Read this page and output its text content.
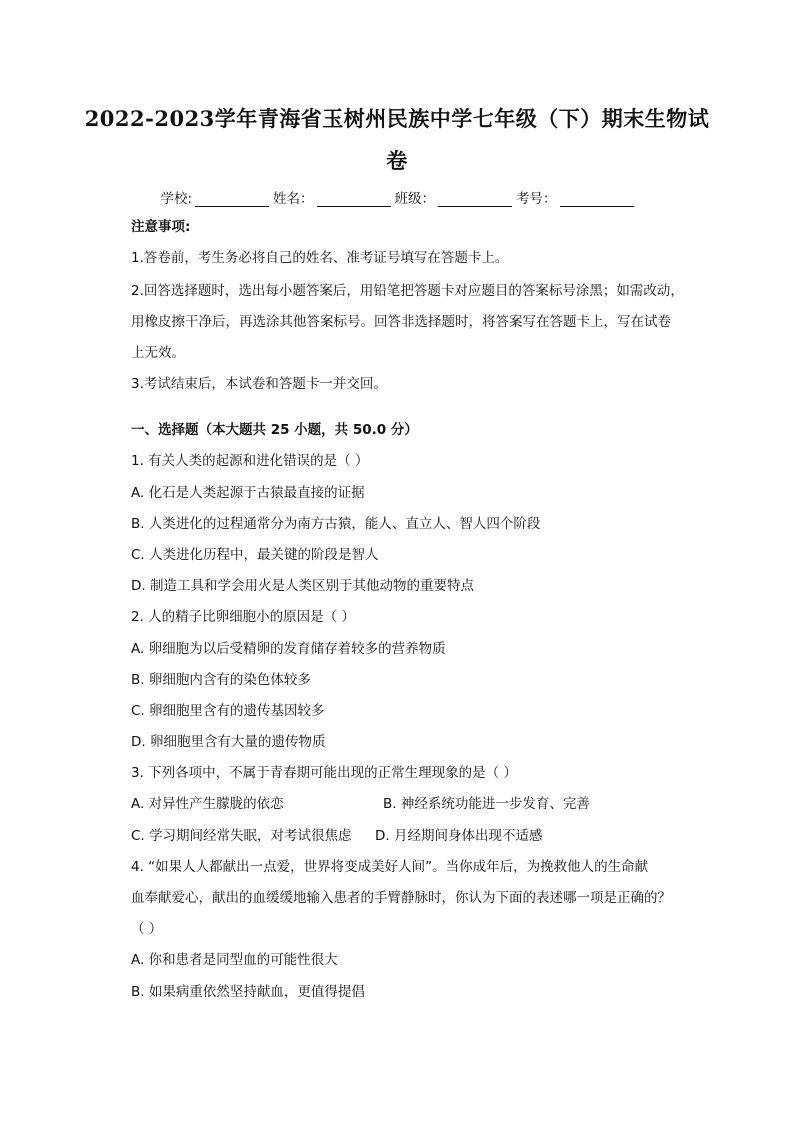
2022-2023学年青海省玉树州民族中学七年级（下）期末生物试
卷
学校:	姓名：	班级：	考号：
注意事项:
1.答卷前，考生务必将自己的姓名、准考证号填写在答题卡上。
2.回答选择题时，选出每小题答案后，用铅笔把答题卡对应题目的答案标号涂黑；如需改动，
用橡皮擦干净后，再选涂其他答案标号。回答非选择题时，将答案写在答题卡上，写在试卷
上无效。
3.考试结束后，本试卷和答题卡一并交回。
一、选择题（本大题共 25 小题，共 50.0 分）
1. 有关人类的起源和进化错误的是（ ）
A. 化石是人类起源于古猿最直接的证据
B. 人类进化的过程通常分为南方古猿，能人、直立人、智人四个阶段
C. 人类进化历程中，最关键的阶段是智人
D. 制造工具和学会用火是人类区别于其他动物的重要特点
2. 人的精子比卵细胞小的原因是（ ）
A. 卵细胞为以后受精卵的发育储存着较多的营养物质
B. 卵细胞内含有的染色体较多
C. 卵细胞里含有的遗传基因较多
D. 卵细胞里含有大量的遗传物质
3. 下列各项中，不属于青春期可能出现的正常生理现象的是（ ）
A. 对异性产生朦胧的依恋	B. 神经系统功能进一步发育、完善
C. 学习期间经常失眠，对考试很焦虑 D. 月经期间身体出现不适感
4. “如果人人都献出一点爱，世界将变成美好人间”。当你成年后，为挽救他人的生命献
血奉献爱心，献出的血缓缓地输入患者的手臂静脉时，你认为下面的表述哪一项是正确的？
（ ）
A. 你和患者是同型血的可能性很大
B. 如果病重依然坚持献血，更值得提倡
